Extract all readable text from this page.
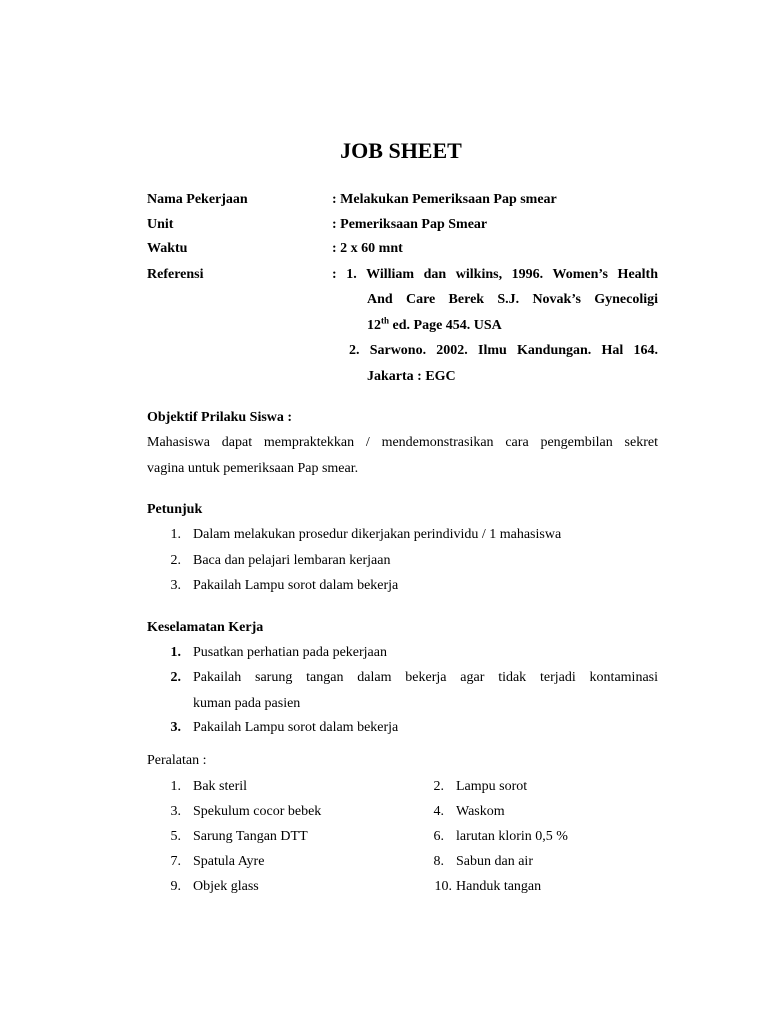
JOB SHEET
Nama Pekerjaan	: Melakukan Pemeriksaan Pap smear
Unit	: Pemeriksaan Pap Smear
Waktu	: 2 x 60 mnt
Referensi	: 1. William dan wilkins, 1996. Women’s Health
And Care Berek S.J. Novak’s Gynecoligi
12th ed. Page 454. USA
2. Sarwono. 2002. Ilmu Kandungan. Hal 164.
Jakarta : EGC
Objektif Prilaku Siswa :
Mahasiswa dapat mempraktekkan / mendemonstrasikan cara pengembilan sekret
vagina untuk pemeriksaan Pap smear.
Petunjuk
1. Dalam melakukan prosedur dikerjakan perindividu / 1 mahasiswa
2. Baca dan pelajari lembaran kerjaan
3. Pakailah Lampu sorot dalam bekerja
Keselamatan Kerja
1. Pusatkan perhatian pada pekerjaan
2. Pakailah sarung tangan dalam bekerja agar tidak terjadi kontaminasi
kuman pada pasien
3. Pakailah Lampu sorot dalam bekerja
Peralatan :
1. Bak steril	2. Lampu sorot
3. Spekulum cocor bebek	4. Waskom
5. Sarung Tangan DTT	6. larutan klorin 0,5 %
7. Spatula Ayre	8. Sabun dan air
9. Objek glass	10. Handuk tangan
